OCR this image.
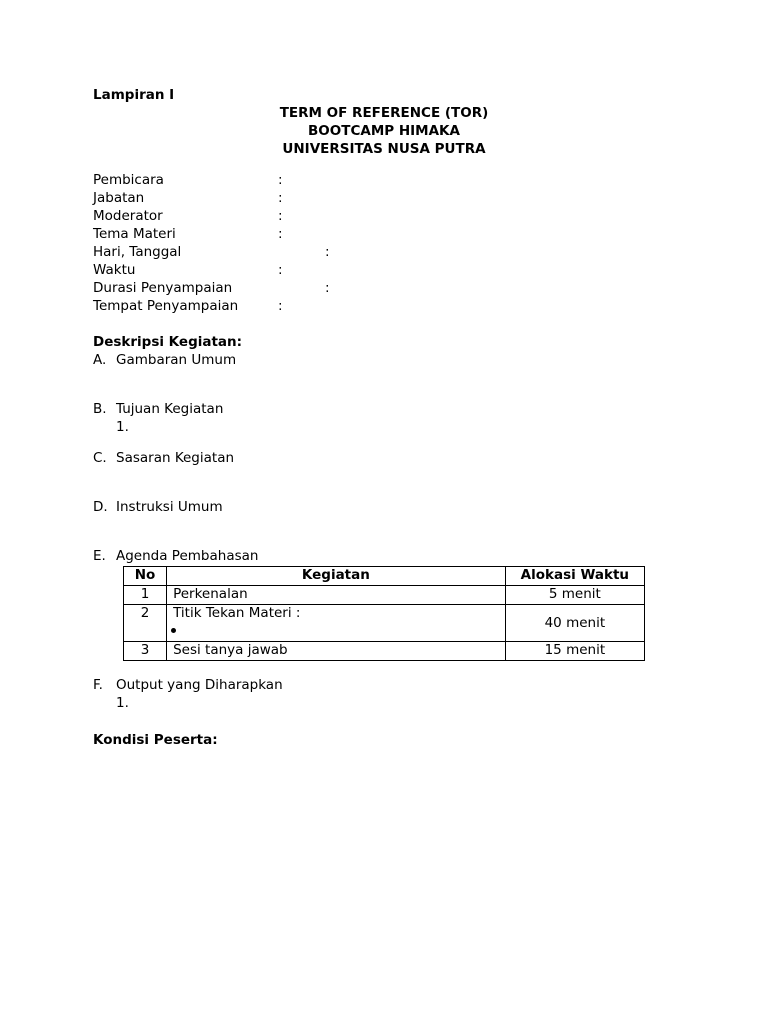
Lampiran I
TERM OF REFERENCE (TOR)
BOOTCAMP HIMAKA
UNIVERSITAS NUSA PUTRA
Pembicara	:
Jabatan	:
Moderator	:
Tema Materi	:
Hari, Tanggal	:
Waktu	:
Durasi Penyampaian	:
Tempat Penyampaian	:
Deskripsi Kegiatan:
A. Gambaran Umum
B. Tujuan Kegiatan
1.
C. Sasaran Kegiatan
D. Instruksi Umum
E. Agenda Pembahasan
No	Kegiatan	Alokasi Waktu
1	Perkenalan	5 menit
2	Titik Tekan Materi :	40 menit
3	Sesi tanya jawab	15 menit
F. Output yang Diharapkan
1.
Kondisi Peserta:
